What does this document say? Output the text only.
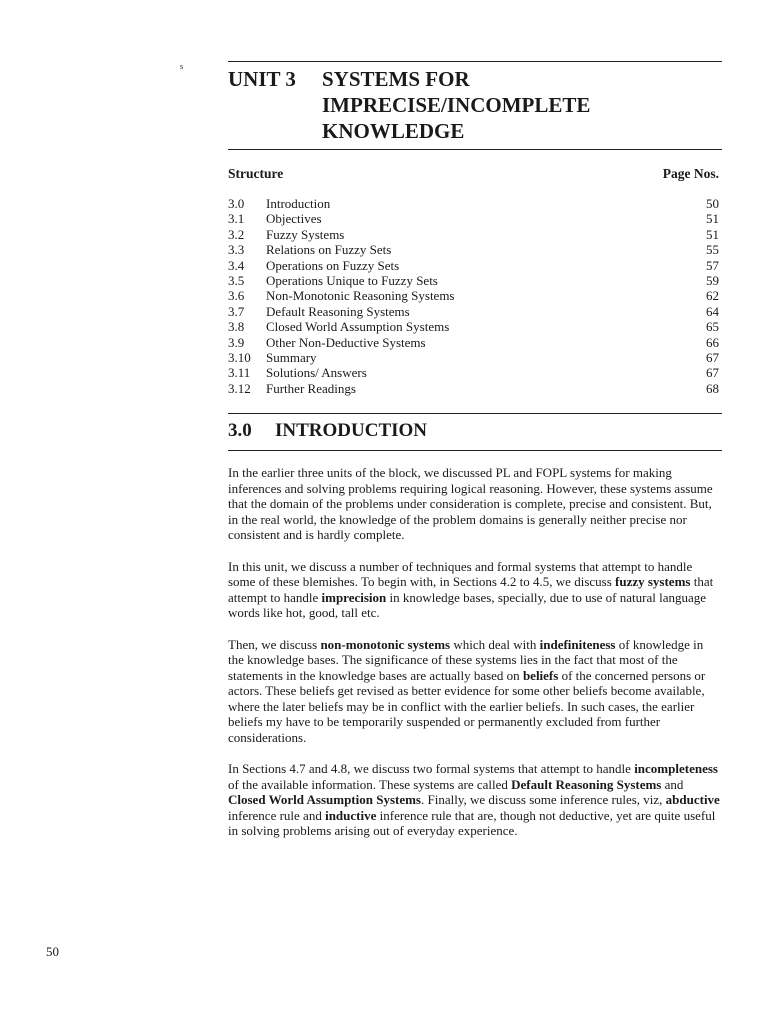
s
UNIT 3	SYSTEMS FOR
IMPRECISE/INCOMPLETE
KNOWLEDGE
Structure	Page Nos.
3.0	Introduction	50
3.1	Objectives	51
3.2	Fuzzy Systems	51
3.3	Relations on Fuzzy Sets	55
3.4	Operations on Fuzzy Sets	57
3.5	Operations Unique to Fuzzy Sets	59
3.6	Non-Monotonic Reasoning Systems	62
3.7	Default Reasoning Systems	64
3.8	Closed World Assumption Systems	65
3.9	Other Non-Deductive Systems	66
3.10	Summary	67
3.11	Solutions/ Answers	67
3.12	Further Readings	68
3.0	INTRODUCTION

In the earlier three units of the block, we discussed PL and FOPL systems for making inferences and solving problems requiring logical reasoning. However, these systems assume that the domain of the problems under consideration is complete, precise and consistent. But, in the real world, the knowledge of the problem domains is generally neither precise nor consistent and is hardly complete.

In this unit, we discuss a number of techniques and formal systems that attempt to handle some of these blemishes. To begin with, in Sections 4.2 to 4.5, we discuss fuzzy systems that attempt to handle imprecision in knowledge bases, specially, due to use of natural language words like hot, good, tall etc.

Then, we discuss non-monotonic systems which deal with indefiniteness of knowledge in the knowledge bases. The significance of these systems lies in the fact that most of the statements in the knowledge bases are actually based on beliefs of the concerned persons or actors. These beliefs get revised as better evidence for some other beliefs become available, where the later beliefs may be in conflict with the earlier beliefs. In such cases, the earlier beliefs my have to be temporarily suspended or permanently excluded from further considerations.

In Sections 4.7 and 4.8, we discuss two formal systems that attempt to handle incompleteness of the available information. These systems are called Default Reasoning Systems and Closed World Assumption Systems. Finally, we discuss some inference rules, viz, abductive inference rule and inductive inference rule that are, though not deductive, yet are quite useful in solving problems arising out of everyday experience.

50
